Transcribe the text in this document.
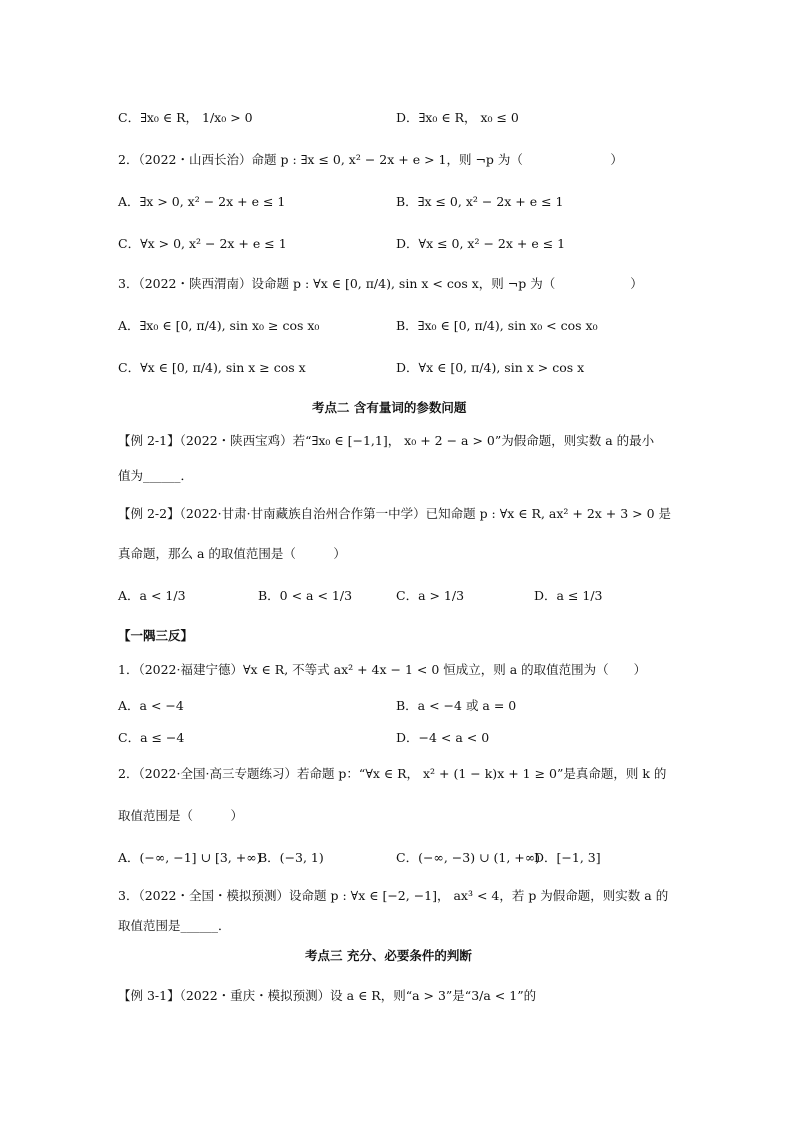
C．∃x₀ ∈ R， 1/x₀ > 0	D．∃x₀ ∈ R， x₀ ≤ 0
2．（2022・山西长治）命题 p : ∃x ≤ 0, x² − 2x + e > 1，则 ¬p 为（　　　　　　　）
A．∃x > 0, x² − 2x + e ≤ 1	B．∃x ≤ 0, x² − 2x + e ≤ 1
C．∀x > 0, x² − 2x + e ≤ 1	D．∀x ≤ 0, x² − 2x + e ≤ 1
3．（2022・陕西渭南）设命题 p : ∀x ∈ [0, π/4), sin x < cos x，则 ¬p 为（　　　　　　）
A．∃x₀ ∈ [0, π/4), sin x₀ ≥ cos x₀	B．∃x₀ ∈ [0, π/4), sin x₀ < cos x₀
C．∀x ∈ [0, π/4), sin x ≥ cos x	D．∀x ∈ [0, π/4), sin x > cos x
【例 2-1】（2022・陕西宝鸡）若“∃x₀ ∈ [−1,1]， x₀ + 2 − a > 0”为假命题，则实数 a 的最小
值为______．
【例 2-2】（2022·甘肃·甘南藏族自治州合作第一中学）已知命题 p : ∀x ∈ R, ax² + 2x + 3 > 0 是
真命题，那么 a 的取值范围是（　　　）
A．a < 1/3	B．0 < a < 1/3	C．a > 1/3	D．a ≤ 1/3
1．（2022·福建宁德）∀x ∈ R, 不等式 ax² + 4x − 1 < 0 恒成立，则 a 的取值范围为（　　）
A．a < −4	B．a < −4 或 a = 0
C．a ≤ −4	D．−4 < a < 0
2．（2022·全国·高三专题练习）若命题 p：“∀x ∈ R， x² + (1 − k)x + 1 ≥ 0”是真命题，则 k 的
取值范围是（　　　）
A．(−∞, −1] ∪ [3, +∞)
B．(−3, 1)	C．(−∞, −3) ∪ (1, +∞)
D．[−1, 3]
3．（2022・全国・模拟预测）设命题 p : ∀x ∈ [−2, −1]， ax³ < 4，若 p 为假命题，则实数 a 的
取值范围是______．
【例 3-1】（2022・重庆・模拟预测）设 a ∈ R，则“a > 3”是“3/a < 1”的
考点二 含有量词的参数问题
【一隅三反】
考点三 充分、必要条件的判断
